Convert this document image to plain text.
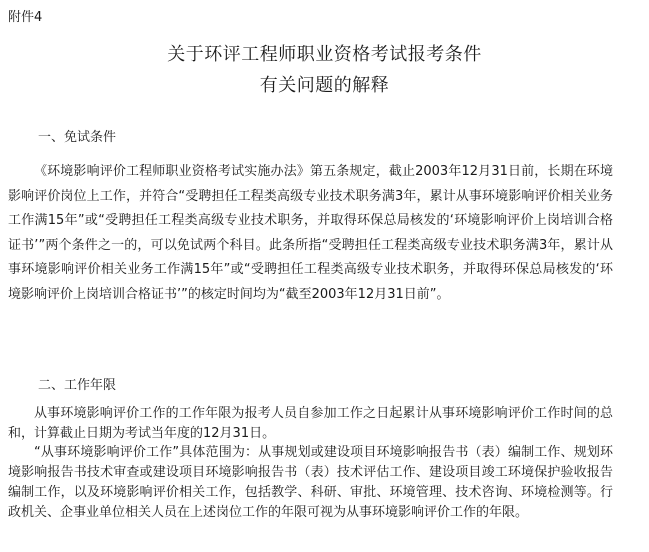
附件4
关于环评工程师职业资格考试报考条件
有关问题的解释
一、免试条件
《环境影响评价工程师职业资格考试实施办法》第五条规定，截止2003年12月31日前，长期在环境影响评价岗位上工作，并符合“受聘担任工程类高级专业技术职务满3年，累计从事环境影响评价相关业务工作满15年”或“受聘担任工程类高级专业技术职务，并取得环保总局核发的‘环境影响评价上岗培训合格证书’”两个条件之一的，可以免试两个科目。此条所指“受聘担任工程类高级专业技术职务满3年，累计从事环境影响评价相关业务工作满15年”或“受聘担任工程类高级专业技术职务，并取得环保总局核发的‘环境影响评价上岗培训合格证书’”的核定时间均为“截至2003年12月31日前”。
二、工作年限
从事环境影响评价工作的工作年限为报考人员自参加工作之日起累计从事环境影响评价工作时间的总和，计算截止日期为考试当年度的12月31日。
“从事环境影响评价工作”具体范围为：从事规划或建设项目环境影响报告书（表）编制工作、规划环境影响报告书技术审查或建设项目环境影响报告书（表）技术评估工作、建设项目竣工环境保护验收报告编制工作，以及环境影响评价相关工作，包括教学、科研、审批、环境管理、技术咨询、环境检测等。行政机关、企事业单位相关人员在上述岗位工作的年限可视为从事环境影响评价工作的年限。
